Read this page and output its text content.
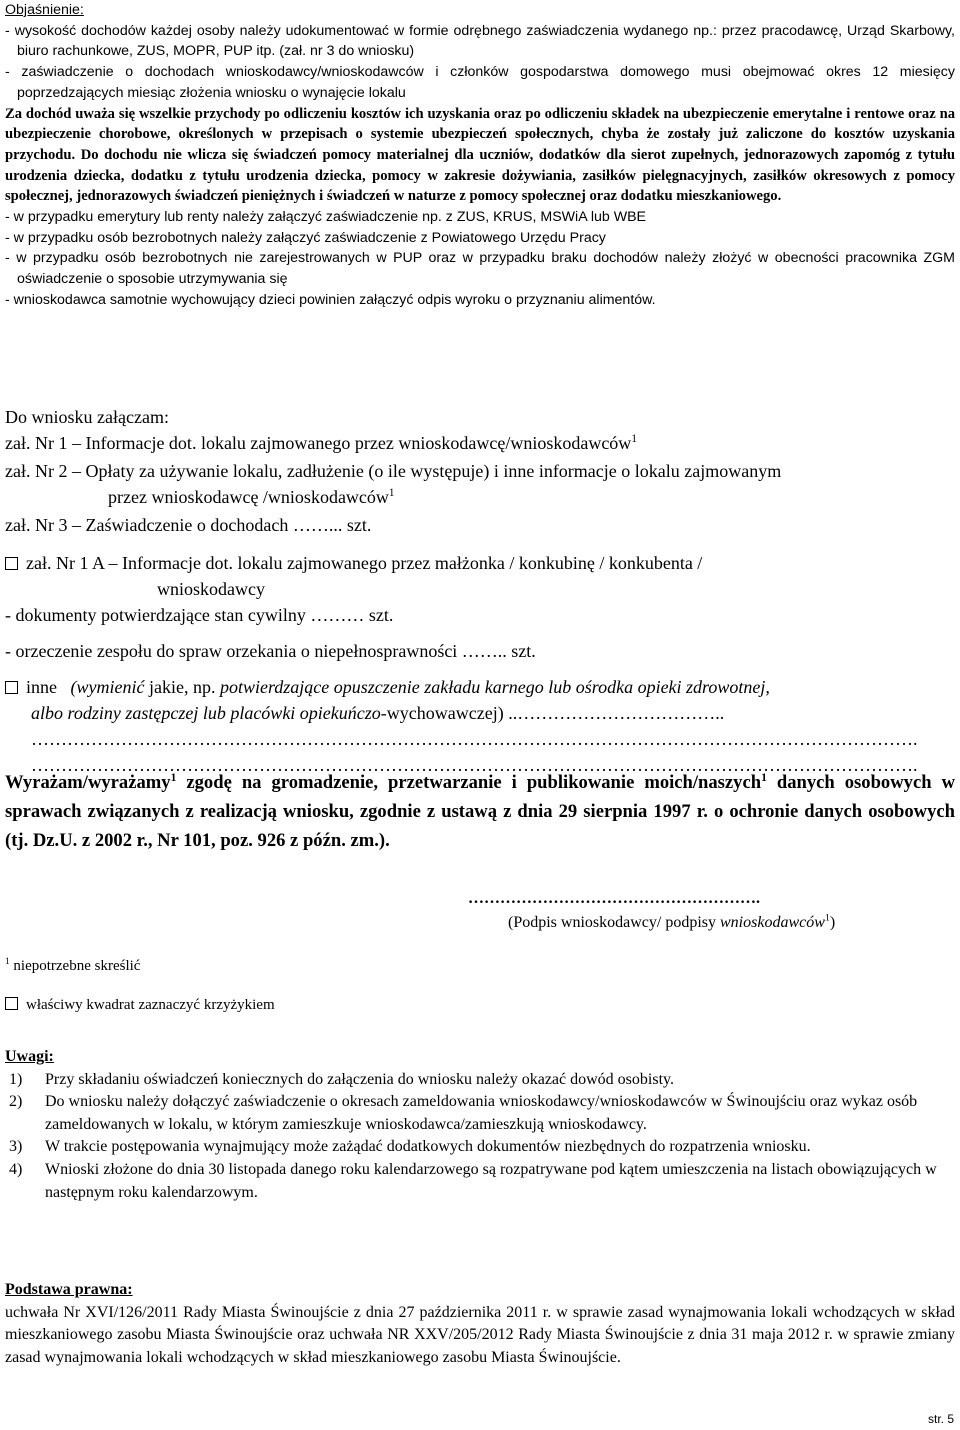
Objaśnienie:
- wysokość dochodów każdej osoby należy udokumentować w formie odrębnego zaświadczenia wydanego np.: przez pracodawcę, Urząd Skarbowy, biuro rachunkowe, ZUS, MOPR, PUP itp. (zał. nr 3 do wniosku)
- zaświadczenie o dochodach wnioskodawcy/wnioskodawców i członków gospodarstwa domowego musi obejmować okres 12 miesięcy poprzedzających miesiąc złożenia wniosku o wynajęcie lokalu
Za dochód uważa się wszelkie przychody po odliczeniu kosztów ich uzyskania oraz po odliczeniu składek na ubezpieczenie emerytalne i rentowe oraz na ubezpieczenie chorobowe, określonych w przepisach o systemie ubezpieczeń społecznych, chyba że zostały już zaliczone do kosztów uzyskania przychodu. Do dochodu nie wlicza się świadczeń pomocy materialnej dla uczniów, dodatków dla sierot zupełnych, jednorazowych zapomóg z tytułu urodzenia dziecka, dodatku z tytułu urodzenia dziecka, pomocy w zakresie dożywiania, zasiłków pielęgnacyjnych, zasiłków okresowych z pomocy społecznej, jednorazowych świadczeń pieniężnych i świadczeń w naturze z pomocy społecznej oraz dodatku mieszkaniowego.
- w przypadku emerytury lub renty należy załączyć zaświadczenie np. z ZUS, KRUS, MSWiA lub WBE
- w przypadku osób bezrobotnych należy załączyć zaświadczenie z Powiatowego Urzędu Pracy
- w przypadku osób bezrobotnych nie zarejestrowanych w PUP oraz w przypadku braku dochodów należy złożyć w obecności pracownika ZGM oświadczenie o sposobie utrzymywania się
- wnioskodawca samotnie wychowujący dzieci powinien załączyć odpis wyroku o przyznaniu alimentów.
Do wniosku załączam:
zał. Nr 1 – Informacje dot. lokalu zajmowanego przez wnioskodawcę/wnioskodawców$^1$
zał. Nr 2 – Opłaty za używanie lokalu, zadłużenie (o ile występuje) i inne informacje o lokalu zajmowanym
przez wnioskodawcę /wnioskodawców$^1$
zał. Nr 3 – Zaświadczenie o dochodach ……... szt.
zał. Nr 1 A – Informacje dot. lokalu zajmowanego przez małżonka / konkubinę / konkubenta /
wnioskodawcy
- dokumenty potwierdzające stan cywilny ……… szt.
- orzeczenie zespołu do spraw orzekania o niepełnosprawności …….. szt.
inne (wymienić jakie, np. potwierdzające opuszczenie zakładu karnego lub ośrodka opieki zdrowotnej,
albo rodziny zastępczej lub placówki opiekuńczo-wychowawczej) ..……………………………..
………………………………………………………………………………………………………………………………….
………………………………………………………………………………………………………………………………….
Wyrażam/wyrażamy$^1$ zgodę na gromadzenie, przetwarzanie i publikowanie moich/naszych$^1$ danych osobowych w sprawach związanych z realizacją wniosku, zgodnie z ustawą z dnia 29 sierpnia 1997 r. o ochronie danych osobowych (tj. Dz.U. z 2002 r., Nr 101, poz. 926 z późn. zm.).
……………………………………………….
(Podpis wnioskodawcy/ podpisy wnioskodawców$^1$)
$^1$ niepotrzebne skreślić
właściwy kwadrat zaznaczyć krzyżykiem
Uwagi:
1)	Przy składaniu oświadczeń koniecznych do załączenia do wniosku należy okazać dowód osobisty.
2)	Do wniosku należy dołączyć zaświadczenie o okresach zameldowania wnioskodawcy/wnioskodawców w Świnoujściu oraz wykaz osób zameldowanych w lokalu, w którym zamieszkuje wnioskodawca/zamieszkują wnioskodawcy.
3)	W trakcie postępowania wynajmujący może zażądać dodatkowych dokumentów niezbędnych do rozpatrzenia wniosku.
4)	Wnioski złożone do dnia 30 listopada danego roku kalendarzowego są rozpatrywane pod kątem umieszczenia na listach obowiązujących w następnym roku kalendarzowym.
Podstawa prawna:
uchwała Nr XVI/126/2011 Rady Miasta Świnoujście z dnia 27 października 2011 r. w sprawie zasad wynajmowania lokali wchodzących w skład mieszkaniowego zasobu Miasta Świnoujście oraz uchwała NR XXV/205/2012 Rady Miasta Świnoujście z dnia 31 maja 2012 r. w sprawie zmiany zasad wynajmowania lokali wchodzących w skład mieszkaniowego zasobu Miasta Świnoujście.
str. 5
